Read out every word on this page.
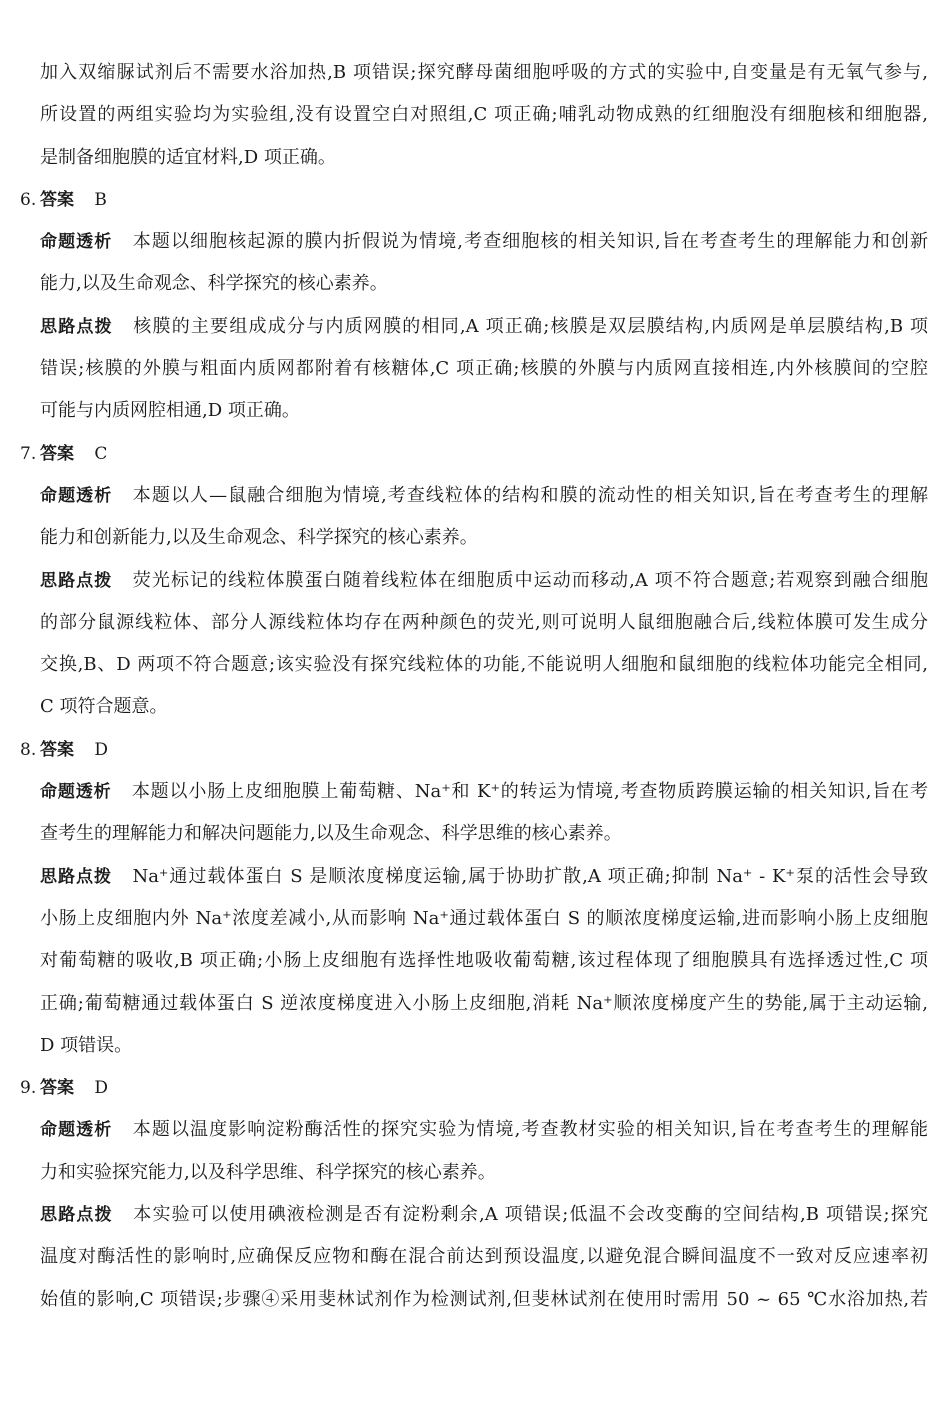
加入双缩脲试剂后不需要水浴加热,B 项错误;探究酵母菌细胞呼吸的方式的实验中,自变量是有无氧气参与,
所设置的两组实验均为实验组,没有设置空白对照组,C 项正确;哺乳动物成熟的红细胞没有细胞核和细胞器,
是制备细胞膜的适宜材料,D 项正确。
6. 答案 B
命题透析 本题以细胞核起源的膜内折假说为情境,考查细胞核的相关知识,旨在考查考生的理解能力和创新
能力,以及生命观念、科学探究的核心素养。
思路点拨 核膜的主要组成成分与内质网膜的相同,A 项正确;核膜是双层膜结构,内质网是单层膜结构,B 项
错误;核膜的外膜与粗面内质网都附着有核糖体,C 项正确;核膜的外膜与内质网直接相连,内外核膜间的空腔
可能与内质网腔相通,D 项正确。
7. 答案 C
命题透析 本题以人—鼠融合细胞为情境,考查线粒体的结构和膜的流动性的相关知识,旨在考查考生的理解
能力和创新能力,以及生命观念、科学探究的核心素养。
思路点拨 荧光标记的线粒体膜蛋白随着线粒体在细胞质中运动而移动,A 项不符合题意;若观察到融合细胞
的部分鼠源线粒体、部分人源线粒体均存在两种颜色的荧光,则可说明人鼠细胞融合后,线粒体膜可发生成分
交换,B、D 两项不符合题意;该实验没有探究线粒体的功能,不能说明人细胞和鼠细胞的线粒体功能完全相同,
C 项符合题意。
8. 答案 D
命题透析 本题以小肠上皮细胞膜上葡萄糖、Na⁺和 K⁺的转运为情境,考查物质跨膜运输的相关知识,旨在考
查考生的理解能力和解决问题能力,以及生命观念、科学思维的核心素养。
思路点拨 Na⁺通过载体蛋白 S 是顺浓度梯度运输,属于协助扩散,A 项正确;抑制 Na⁺ - K⁺泵的活性会导致
小肠上皮细胞内外 Na⁺浓度差减小,从而影响 Na⁺通过载体蛋白 S 的顺浓度梯度运输,进而影响小肠上皮细胞
对葡萄糖的吸收,B 项正确;小肠上皮细胞有选择性地吸收葡萄糖,该过程体现了细胞膜具有选择透过性,C 项
正确;葡萄糖通过载体蛋白 S 逆浓度梯度进入小肠上皮细胞,消耗 Na⁺顺浓度梯度产生的势能,属于主动运输,
D 项错误。
9. 答案 D
命题透析 本题以温度影响淀粉酶活性的探究实验为情境,考查教材实验的相关知识,旨在考查考生的理解能
力和实验探究能力,以及科学思维、科学探究的核心素养。
思路点拨 本实验可以使用碘液检测是否有淀粉剩余,A 项错误;低温不会改变酶的空间结构,B 项错误;探究
温度对酶活性的影响时,应确保反应物和酶在混合前达到预设温度,以避免混合瞬间温度不一致对反应速率初
始值的影响,C 项错误;步骤④采用斐林试剂作为检测试剂,但斐林试剂在使用时需用 50 ~ 65 ℃水浴加热,若
